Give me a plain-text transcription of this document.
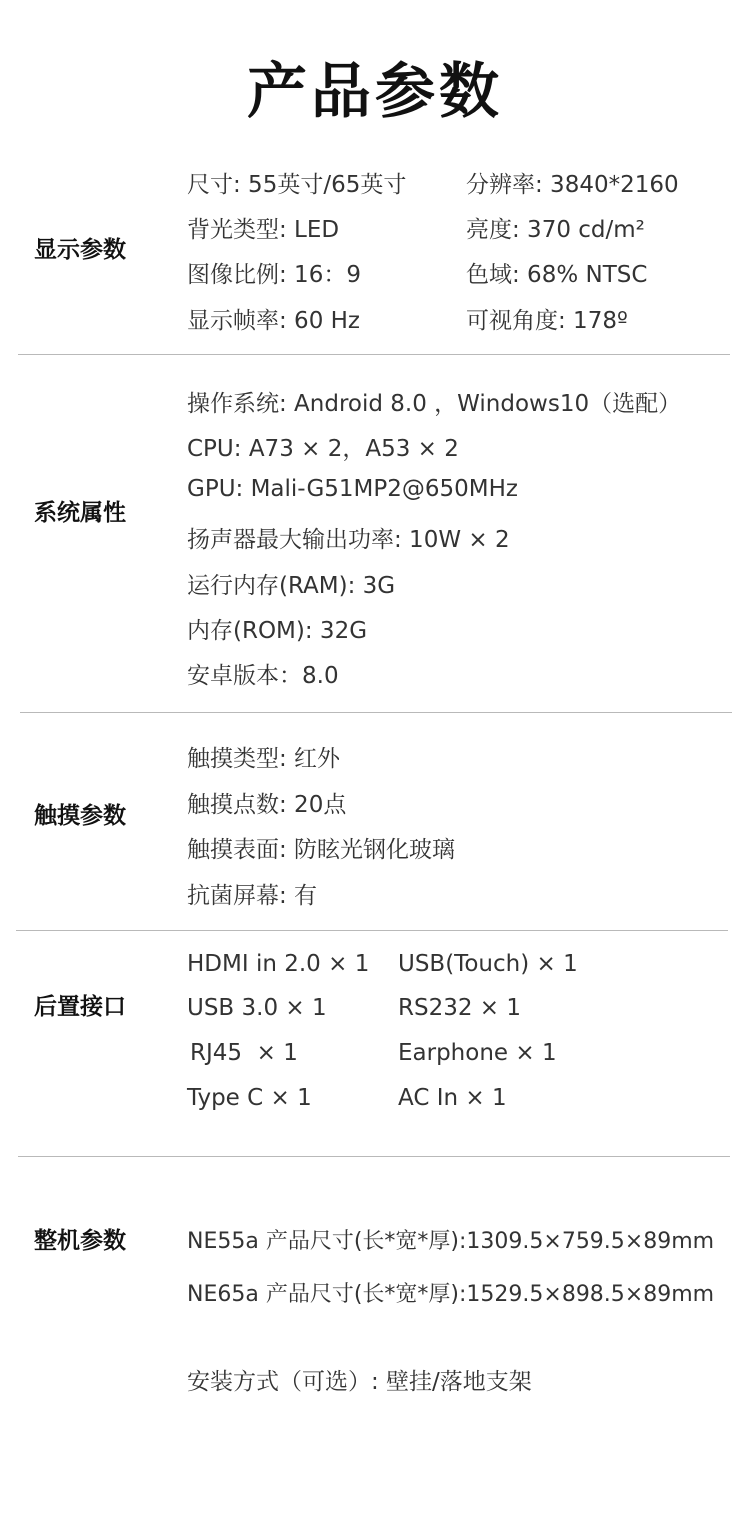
产品参数
显示参数
尺寸: 55英寸/65英寸
背光类型: LED
图像比例: 16：9
显示帧率: 60 Hz
分辨率: 3840*2160
亮度: 370 cd/m²
色域: 68% NTSC
可视角度: 178º
系统属性
操作系统: Android 8.0 ，Windows10（选配）
CPU: A73 × 2，A53 × 2
GPU: Mali-G51MP2@650MHz
扬声器最大输出功率: 10W × 2
运行内存(RAM): 3G
内存(ROM): 32G
安卓版本：8.0
触摸参数
触摸类型: 红外
触摸点数: 20点
触摸表面: 防眩光钢化玻璃
抗菌屏幕: 有
后置接口
HDMI in 2.0 × 1
USB 3.0 × 1
RJ45  × 1
Type C × 1
USB(Touch) × 1
RS232 × 1
Earphone × 1
AC In × 1
整机参数	NE55a 产品尺寸(长*宽*厚):1309.5×759.5×89mm
NE65a 产品尺寸(长*宽*厚):1529.5×898.5×89mm
安装方式（可选）: 壁挂/落地支架
